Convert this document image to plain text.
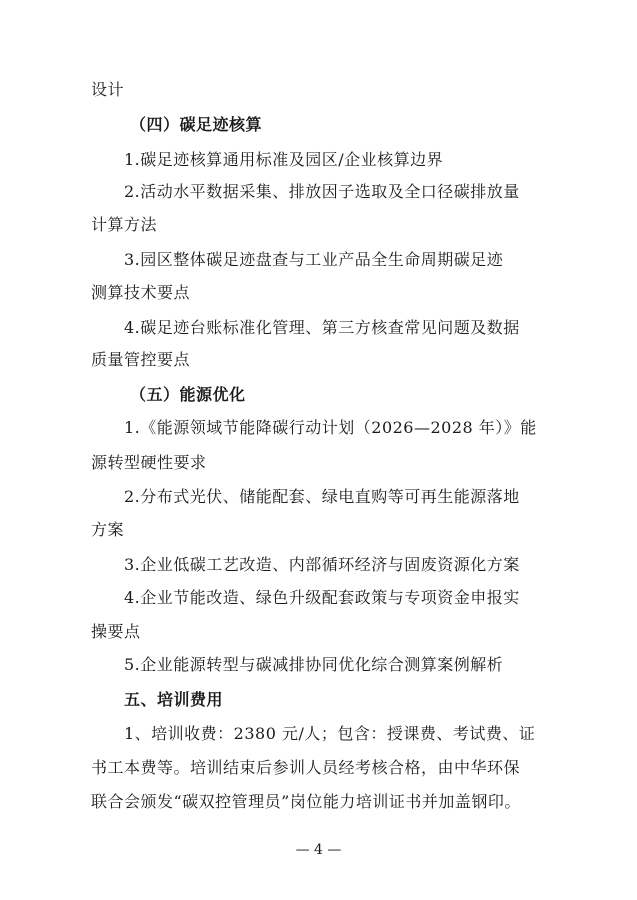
设计
（四）碳足迹核算
1.碳足迹核算通用标准及园区/企业核算边界
2.活动水平数据采集、排放因子选取及全口径碳排放量
计算方法
3.园区整体碳足迹盘查与工业产品全生命周期碳足迹
测算技术要点
4.碳足迹台账标准化管理、第三方核查常见问题及数据
质量管控要点
（五）能源优化
1.《能源领域节能降碳行动计划（2026—2028 年）》能
源转型硬性要求
2.分布式光伏、储能配套、绿电直购等可再生能源落地
方案
3.企业低碳工艺改造、内部循环经济与固废资源化方案
4.企业节能改造、绿色升级配套政策与专项资金申报实
操要点
5.企业能源转型与碳减排协同优化综合测算案例解析
五、培训费用
1、培训收费：2380 元/人；包含：授课费、考试费、证
书工本费等。培训结束后参训人员经考核合格，由中华环保
联合会颁发“碳双控管理员”岗位能力培训证书并加盖钢印。
— 4 —
